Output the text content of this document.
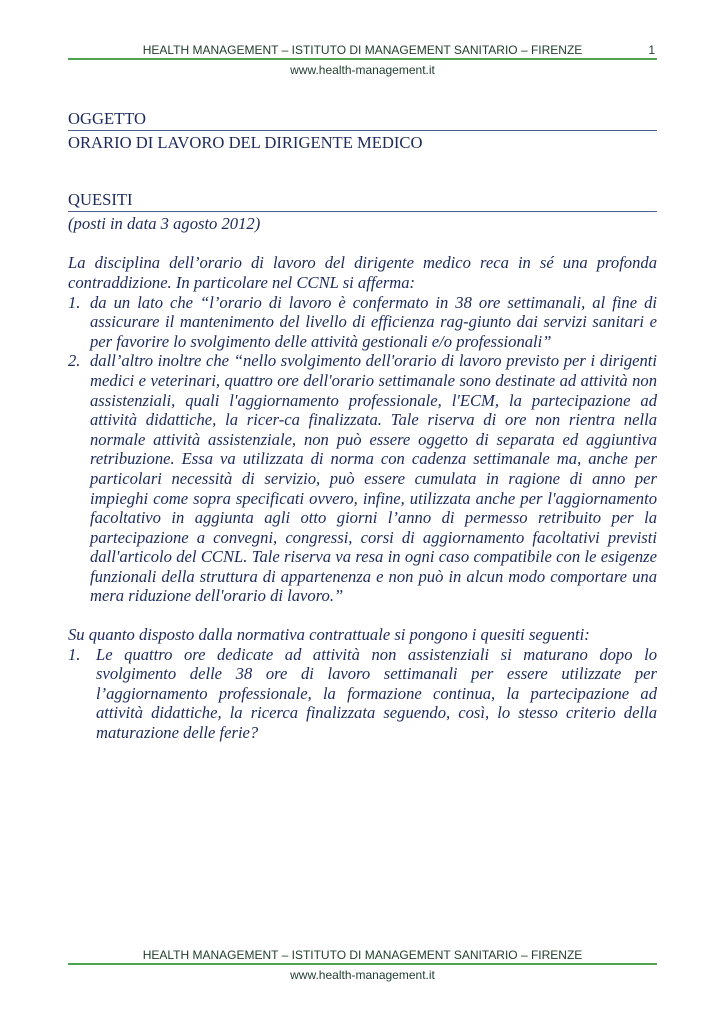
HEALTH MANAGEMENT – ISTITUTO DI MANAGEMENT SANITARIO – FIRENZE	1
www.health-management.it
OGGETTO
ORARIO DI LAVORO DEL DIRIGENTE MEDICO
QUESITI
(posti in data 3 agosto 2012)
La disciplina dell’orario di lavoro del dirigente medico reca in sé una profonda contraddizione. In particolare nel CCNL si afferma:
1. da un lato che “l’orario di lavoro è confermato in 38 ore settimanali, al fine di assicurare il mantenimento del livello di efficienza rag-giunto dai servizi sanitari e per favorire lo svolgimento delle attività gestionali e/o professionali”
2. dall’altro inoltre che “nello svolgimento dell'orario di lavoro previsto per i dirigenti medici e veterinari, quattro ore dell'orario settimanale sono destinate ad attività non assistenziali, quali l'aggiornamento professionale, l'ECM, la partecipazione ad attività didattiche, la ricer-ca finalizzata. Tale riserva di ore non rientra nella normale attività assistenziale, non può essere oggetto di separata ed aggiuntiva retribuzione. Essa va utilizzata di norma con cadenza settimanale ma, anche per particolari necessità di servizio, può essere cumulata in ragione di anno per impieghi come sopra specificati ovvero, infine, utilizzata anche per l'aggiornamento facoltativo in aggiunta agli otto giorni l’anno di permesso retribuito per la partecipazione a convegni, congressi, corsi di aggiornamento facoltativi previsti dall'articolo del CCNL. Tale riserva va resa in ogni caso compatibile con le esigenze funzionali della struttura di appartenenza e non può in alcun modo comportare una mera riduzione dell'orario di lavoro.”
Su quanto disposto dalla normativa contrattuale si pongono i quesiti seguenti:
1. Le quattro ore dedicate ad attività non assistenziali si maturano dopo lo svolgimento delle 38 ore di lavoro settimanali per essere utilizzate per l’aggiornamento professionale, la formazione continua, la partecipazione ad attività didattiche, la ricerca finalizzata seguendo, così, lo stesso criterio della maturazione delle ferie?
HEALTH MANAGEMENT – ISTITUTO DI MANAGEMENT SANITARIO – FIRENZE
www.health-management.it
